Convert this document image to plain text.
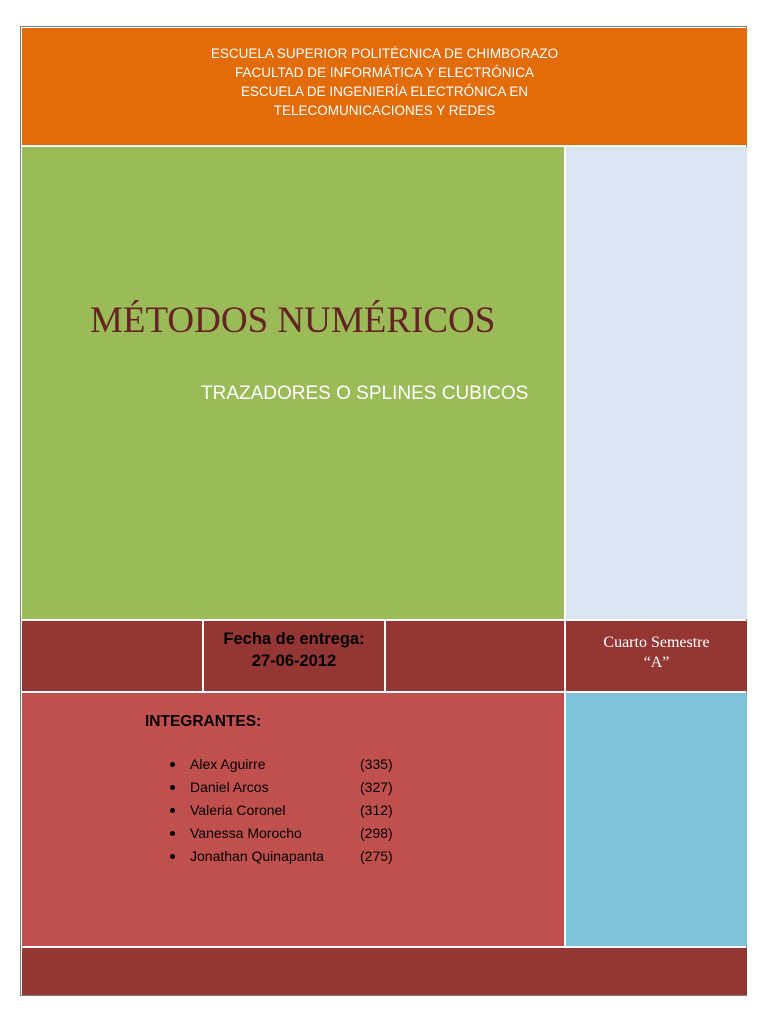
ESCUELA SUPERIOR POLITÉCNICA DE CHIMBORAZO
FACULTAD DE INFORMÁTICA Y ELECTRÓNICA
ESCUELA DE INGENIERÍA ELECTRÓNICA EN
TELECOMUNICACIONES Y REDES
MÉTODOS NUMÉRICOS
TRAZADORES O SPLINES CUBICOS
Fecha de entrega:
27-06-2012
Cuarto Semestre
“A”
INTEGRANTES:
Alex Aguirre	(335)
Daniel Arcos	(327)
Valeria Coronel	(312)
Vanessa Morocho	(298)
Jonathan Quinapanta	(275)
